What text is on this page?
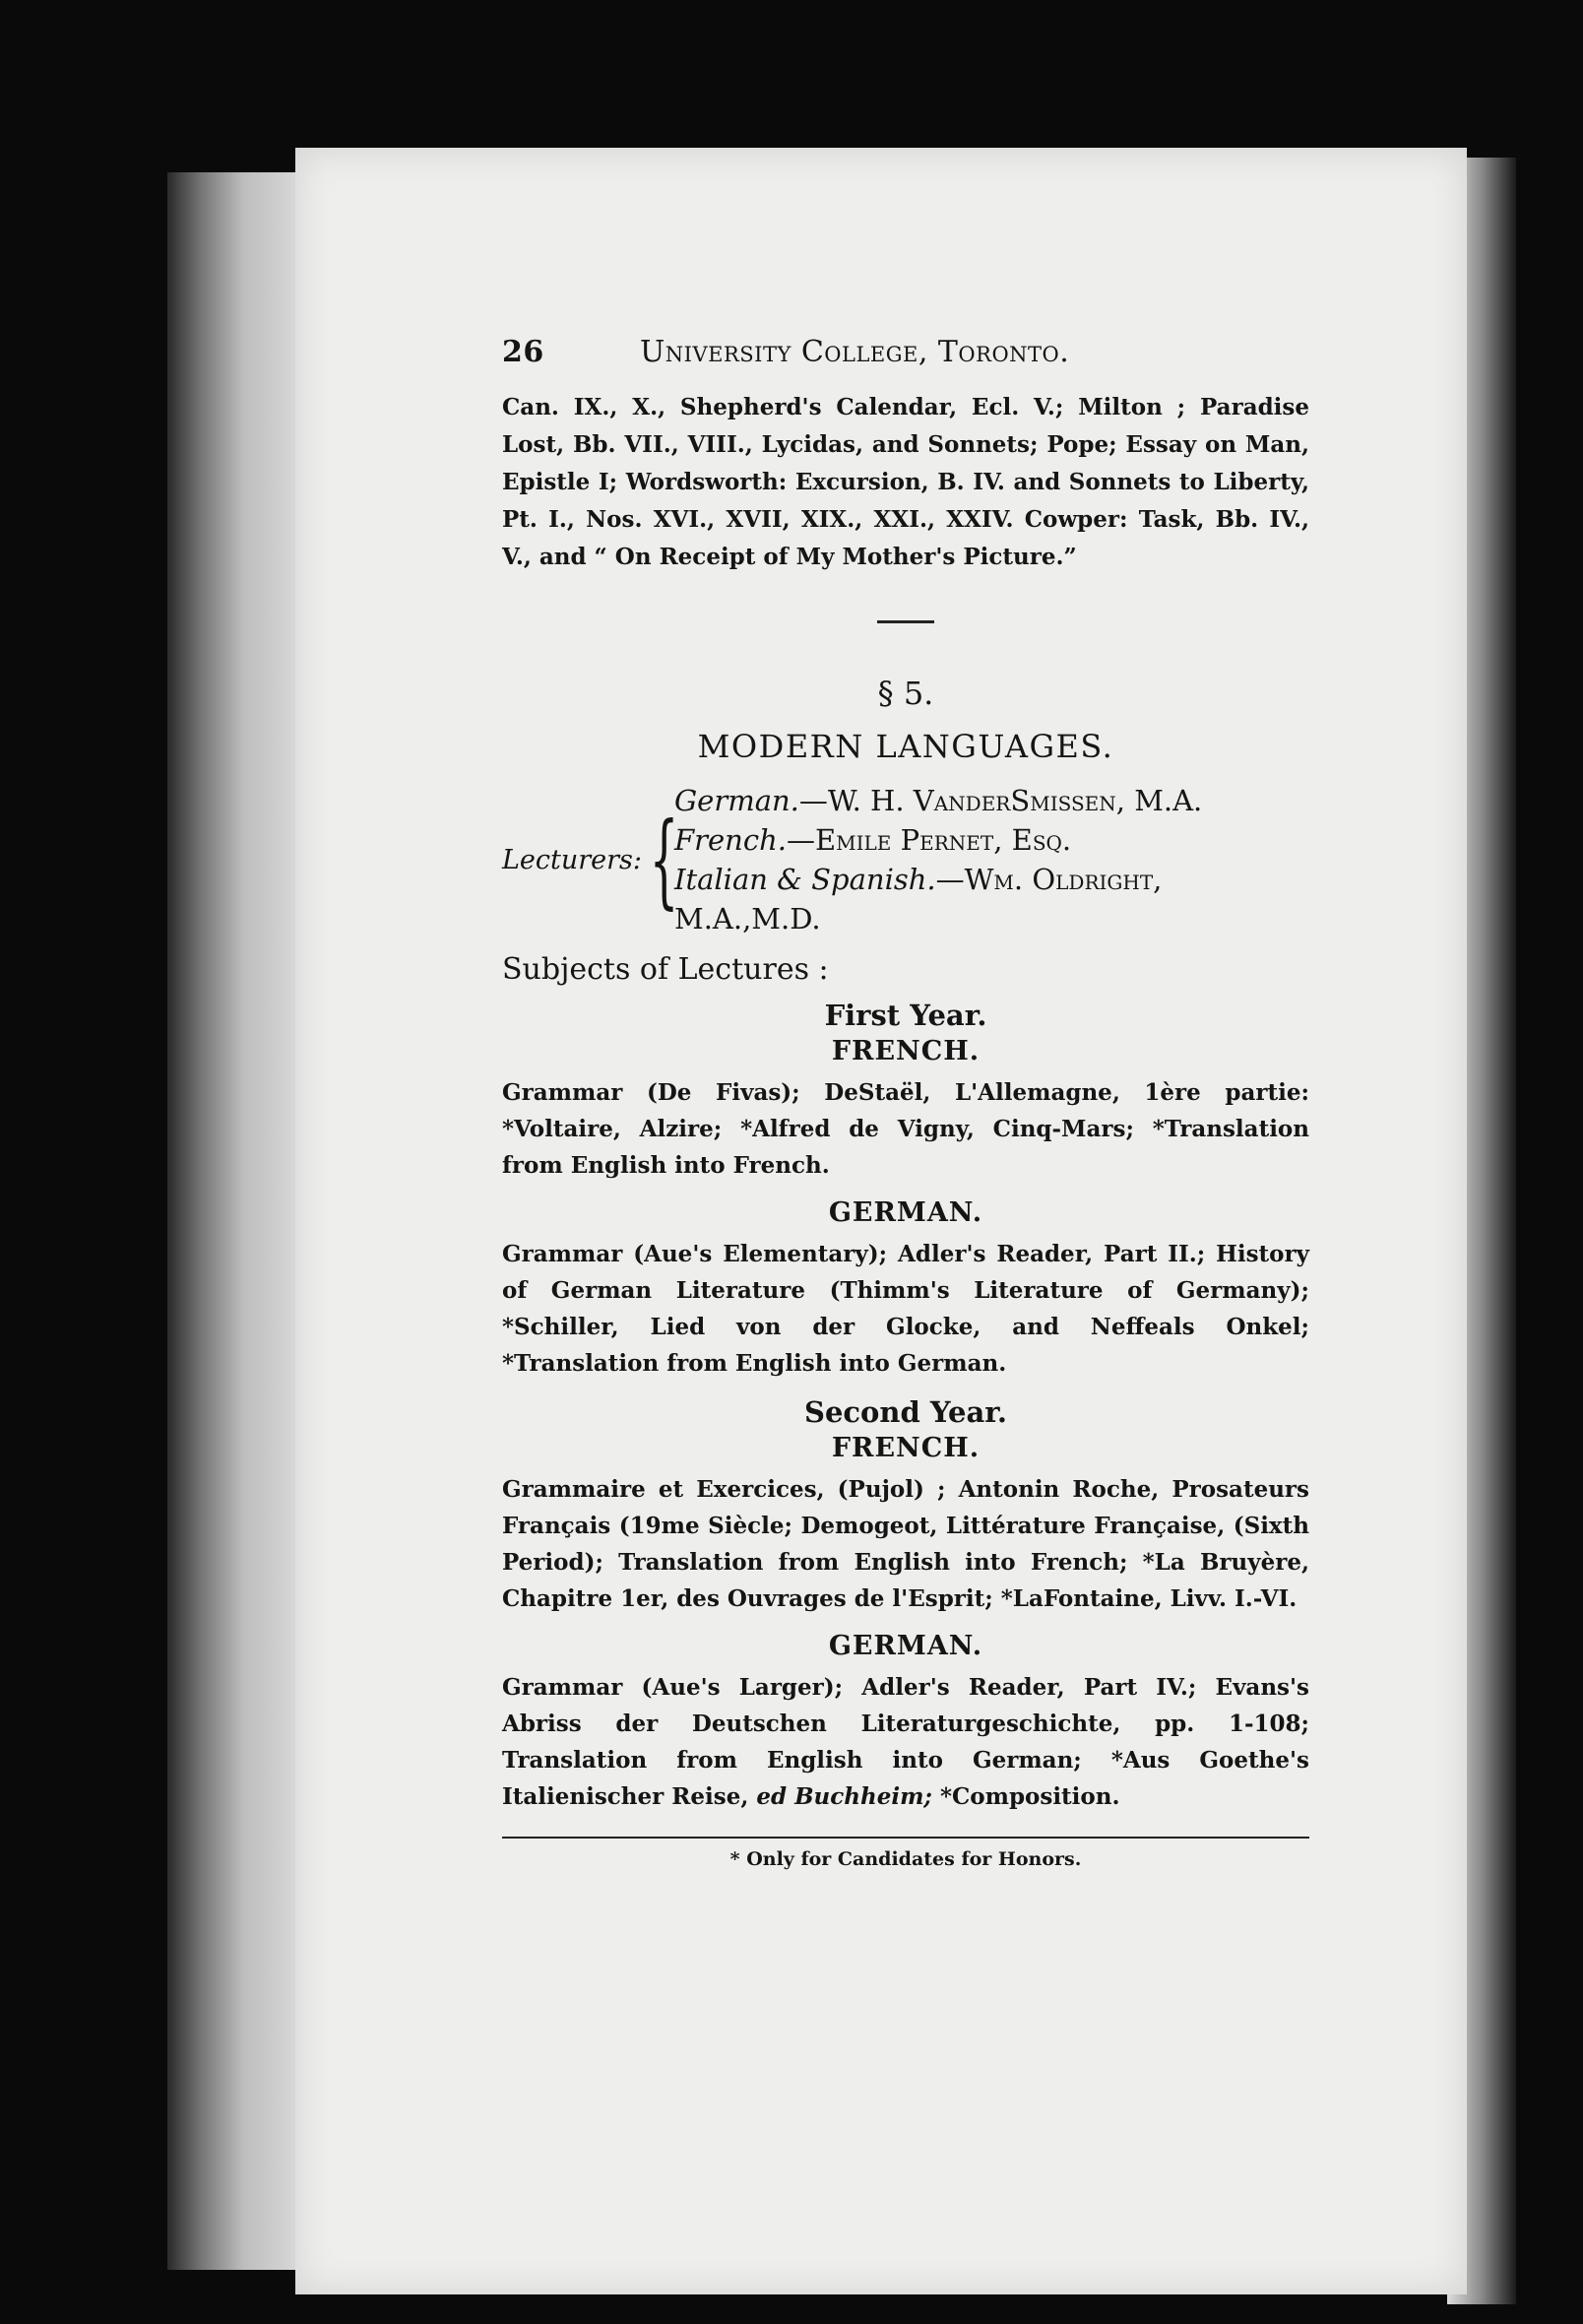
26	University College, Toronto.

Can. IX., X., Shepherd's Calendar, Ecl. V.; Milton ; Paradise Lost, Bb. VII., VIII., Lycidas, and Sonnets; Pope; Essay on Man, Epistle I; Wordsworth: Excursion, B. IV. and Sonnets to Liberty, Pt. I., Nos. XVI., XVII, XIX., XXI., XXIV. Cowper: Task, Bb. IV., V., and “ On Receipt of My Mother's Picture.”

§ 5.
MODERN LANGUAGES.
Lecturers: {
German.—W. H. VanderSmissen, M.A.
French.—Emile Pernet, Esq.
Italian & Spanish.—Wm. Oldright, M.A.,M.D.
Subjects of Lectures :
First Year.
FRENCH.

Grammar (De Fivas); DeStaël, L'Allemagne, 1ère partie: *Voltaire, Alzire; *Alfred de Vigny, Cinq-Mars; *Translation from English into French.

GERMAN.

Grammar (Aue's Elementary); Adler's Reader, Part II.; History of German Literature (Thimm's Literature of Germany); *Schiller, Lied von der Glocke, and Neffeals Onkel; *Translation from English into German.

Second Year.
FRENCH.

Grammaire et Exercices, (Pujol) ; Antonin Roche, Prosateurs Français (19me Siècle; Demogeot, Littérature Française, (Sixth Period); Translation from English into French; *La Bruyère, Chapitre 1er, des Ouvrages de l'Esprit; *LaFontaine, Livv. I.-VI.

GERMAN.

Grammar (Aue's Larger); Adler's Reader, Part IV.; Evans's Abriss der Deutschen Literaturgeschichte, pp. 1-108; Translation from English into German; *Aus Goethe's Italienischer Reise, ed Buchheim; *Composition.

* Only for Candidates for Honors.
